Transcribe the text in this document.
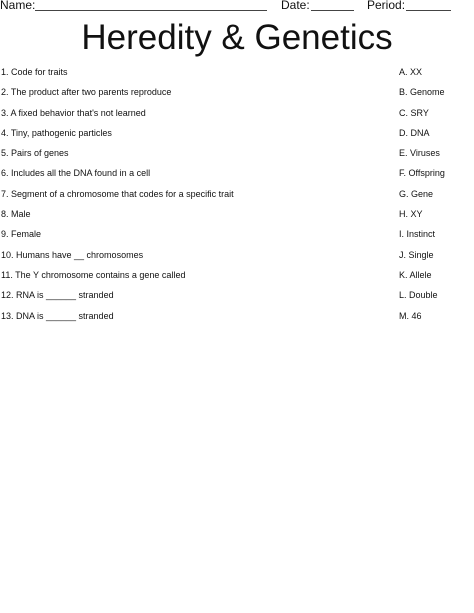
Name:	Date:	Period:
Heredity & Genetics
1. Code for traits	A. XX
2. The product after two parents reproduce	B. Genome
3. A fixed behavior that's not learned	C. SRY
4. Tiny, pathogenic particles	D. DNA
5. Pairs of genes	E. Viruses
6. Includes all the DNA found in a cell	F. Offspring
7. Segment of a chromosome that codes for a specific trait	G. Gene
8. Male	H. XY
9. Female	I. Instinct
10. Humans have __ chromosomes	J. Single
11. The Y chromosome contains a gene called	K. Allele
12. RNA is ______ stranded	L. Double
13. DNA is ______ stranded	M. 46
